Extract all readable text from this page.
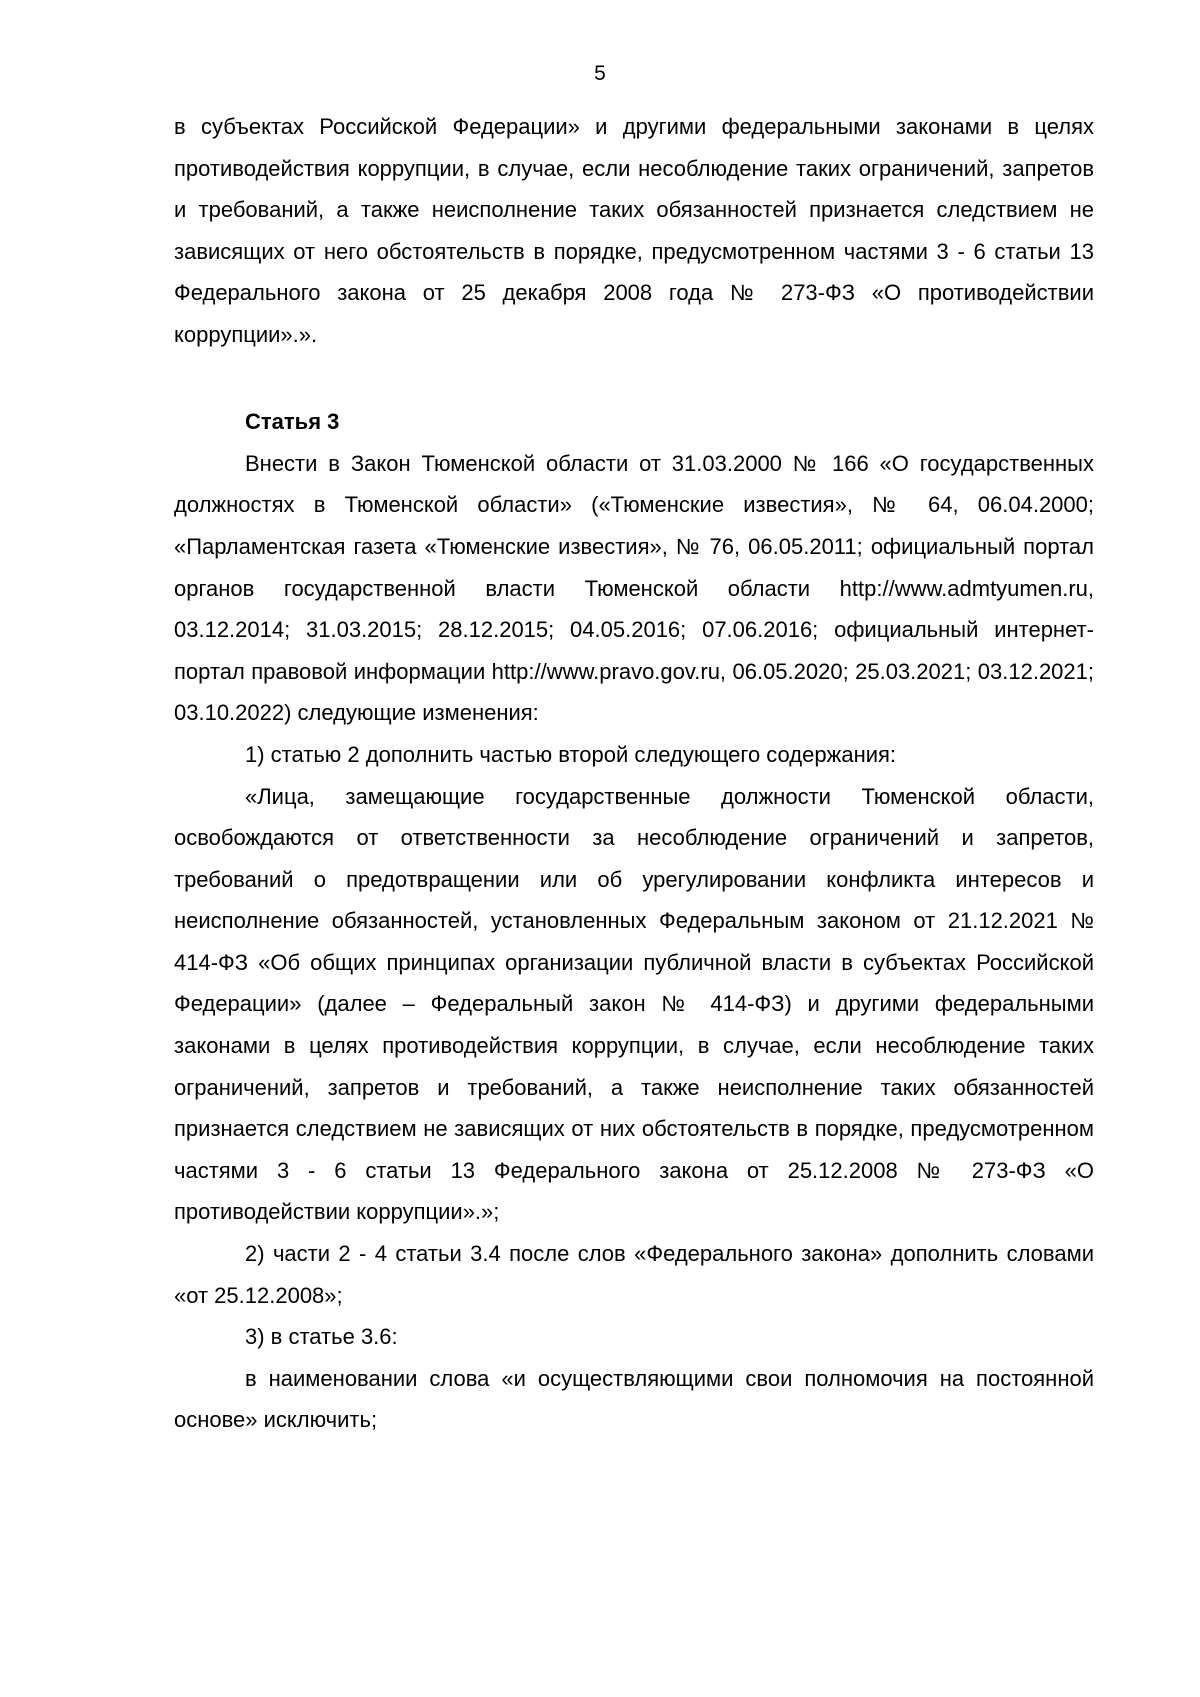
5

в субъектах Российской Федерации» и другими федеральными законами в целях противодействия коррупции, в случае, если несоблюдение таких ограничений, запретов и требований, а также неисполнение таких обязанностей признается следствием не зависящих от него обстоятельств в порядке, предусмотренном частями 3 - 6 статьи 13 Федерального закона от 25 декабря 2008 года № 273-ФЗ «О противодействии коррупции».».

Статья 3

Внести в Закон Тюменской области от 31.03.2000 № 166 «О государственных должностях в Тюменской области» («Тюменские известия», № 64, 06.04.2000; «Парламентская газета «Тюменские известия», № 76, 06.05.2011; официальный портал органов государственной власти Тюменской области http://www.admtyumen.ru, 03.12.2014; 31.03.2015; 28.12.2015; 04.05.2016; 07.06.2016; официальный интернет-портал правовой информации http://www.pravo.gov.ru, 06.05.2020; 25.03.2021; 03.12.2021; 03.10.2022) следующие изменения:

1) статью 2 дополнить частью второй следующего содержания:

«Лица, замещающие государственные должности Тюменской области, освобождаются от ответственности за несоблюдение ограничений и запретов, требований о предотвращении или об урегулировании конфликта интересов и неисполнение обязанностей, установленных Федеральным законом от 21.12.2021 № 414-ФЗ «Об общих принципах организации публичной власти в субъектах Российской Федерации» (далее – Федеральный закон № 414-ФЗ) и другими федеральными законами в целях противодействия коррупции, в случае, если несоблюдение таких ограничений, запретов и требований, а также неисполнение таких обязанностей признается следствием не зависящих от них обстоятельств в порядке, предусмотренном частями 3 - 6 статьи 13 Федерального закона от 25.12.2008 № 273-ФЗ «О противодействии коррупции».»;

2) части 2 - 4 статьи 3.4 после слов «Федерального закона» дополнить словами «от 25.12.2008»;

3) в статье 3.6:

в наименовании слова «и осуществляющими свои полномочия на постоянной основе» исключить;
